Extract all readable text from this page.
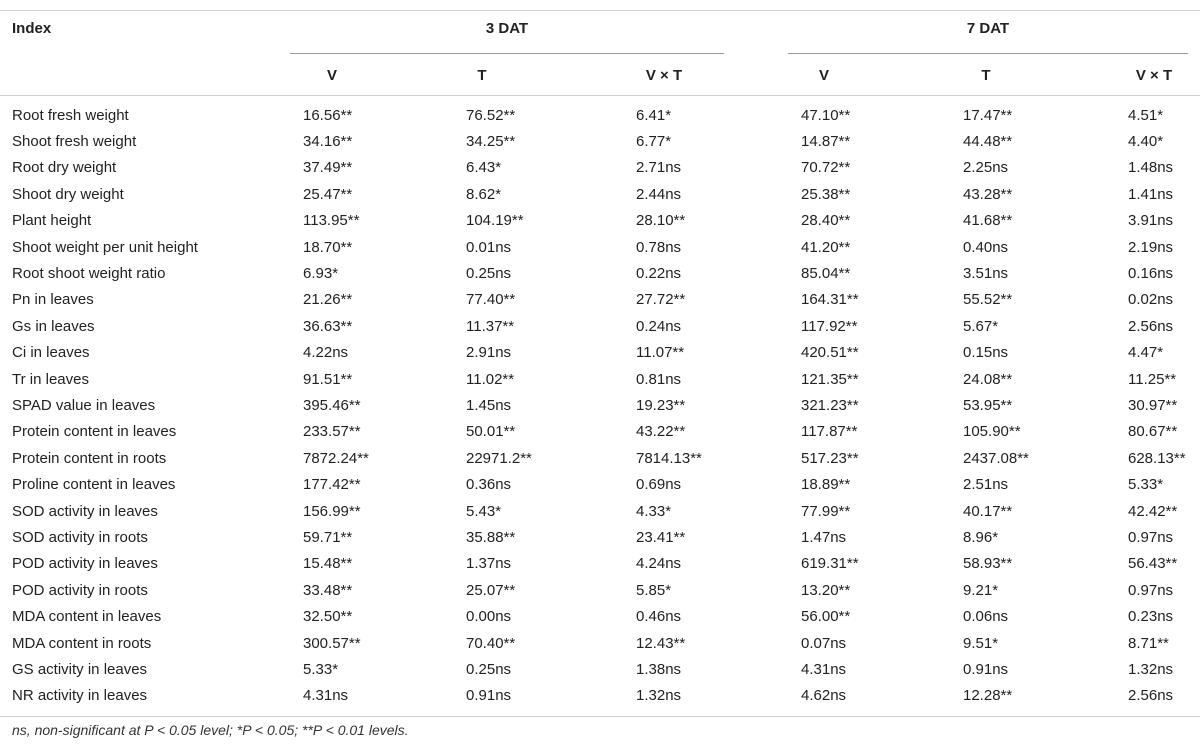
Index	3 DAT	7 DAT
V	T	V × T	V	T	V × T
Root fresh weight	16.56**	76.52**	6.41*	47.10**	17.47**	4.51*
Shoot fresh weight	34.16**	34.25**	6.77*	14.87**	44.48**	4.40*
Root dry weight	37.49**	6.43*	2.71ns	70.72**	2.25ns	1.48ns
Shoot dry weight	25.47**	8.62*	2.44ns	25.38**	43.28**	1.41ns
Plant height	113.95**	104.19**	28.10**	28.40**	41.68**	3.91ns
Shoot weight per unit height	18.70**	0.01ns	0.78ns	41.20**	0.40ns	2.19ns
Root shoot weight ratio	6.93*	0.25ns	0.22ns	85.04**	3.51ns	0.16ns
Pn in leaves	21.26**	77.40**	27.72**	164.31**	55.52**	0.02ns
Gs in leaves	36.63**	11.37**	0.24ns	117.92**	5.67*	2.56ns
Ci in leaves	4.22ns	2.91ns	11.07**	420.51**	0.15ns	4.47*
Tr in leaves	91.51**	11.02**	0.81ns	121.35**	24.08**	11.25**
SPAD value in leaves	395.46**	1.45ns	19.23**	321.23**	53.95**	30.97**
Protein content in leaves	233.57**	50.01**	43.22**	117.87**	105.90**	80.67**
Protein content in roots	7872.24**	22971.2**	7814.13**	517.23**	2437.08**	628.13**
Proline content in leaves	177.42**	0.36ns	0.69ns	18.89**	2.51ns	5.33*
SOD activity in leaves	156.99**	5.43*	4.33*	77.99**	40.17**	42.42**
SOD activity in roots	59.71**	35.88**	23.41**	1.47ns	8.96*	0.97ns
POD activity in leaves	15.48**	1.37ns	4.24ns	619.31**	58.93**	56.43**
POD activity in roots	33.48**	25.07**	5.85*	13.20**	9.21*	0.97ns
MDA content in leaves	32.50**	0.00ns	0.46ns	56.00**	0.06ns	0.23ns
MDA content in roots	300.57**	70.40**	12.43**	0.07ns	9.51*	8.71**
GS activity in leaves	5.33*	0.25ns	1.38ns	4.31ns	0.91ns	1.32ns
NR activity in leaves	4.31ns	0.91ns	1.32ns	4.62ns	12.28**	2.56ns
ns, non-significant at P < 0.05 level; *P < 0.05; **P < 0.01 levels.
